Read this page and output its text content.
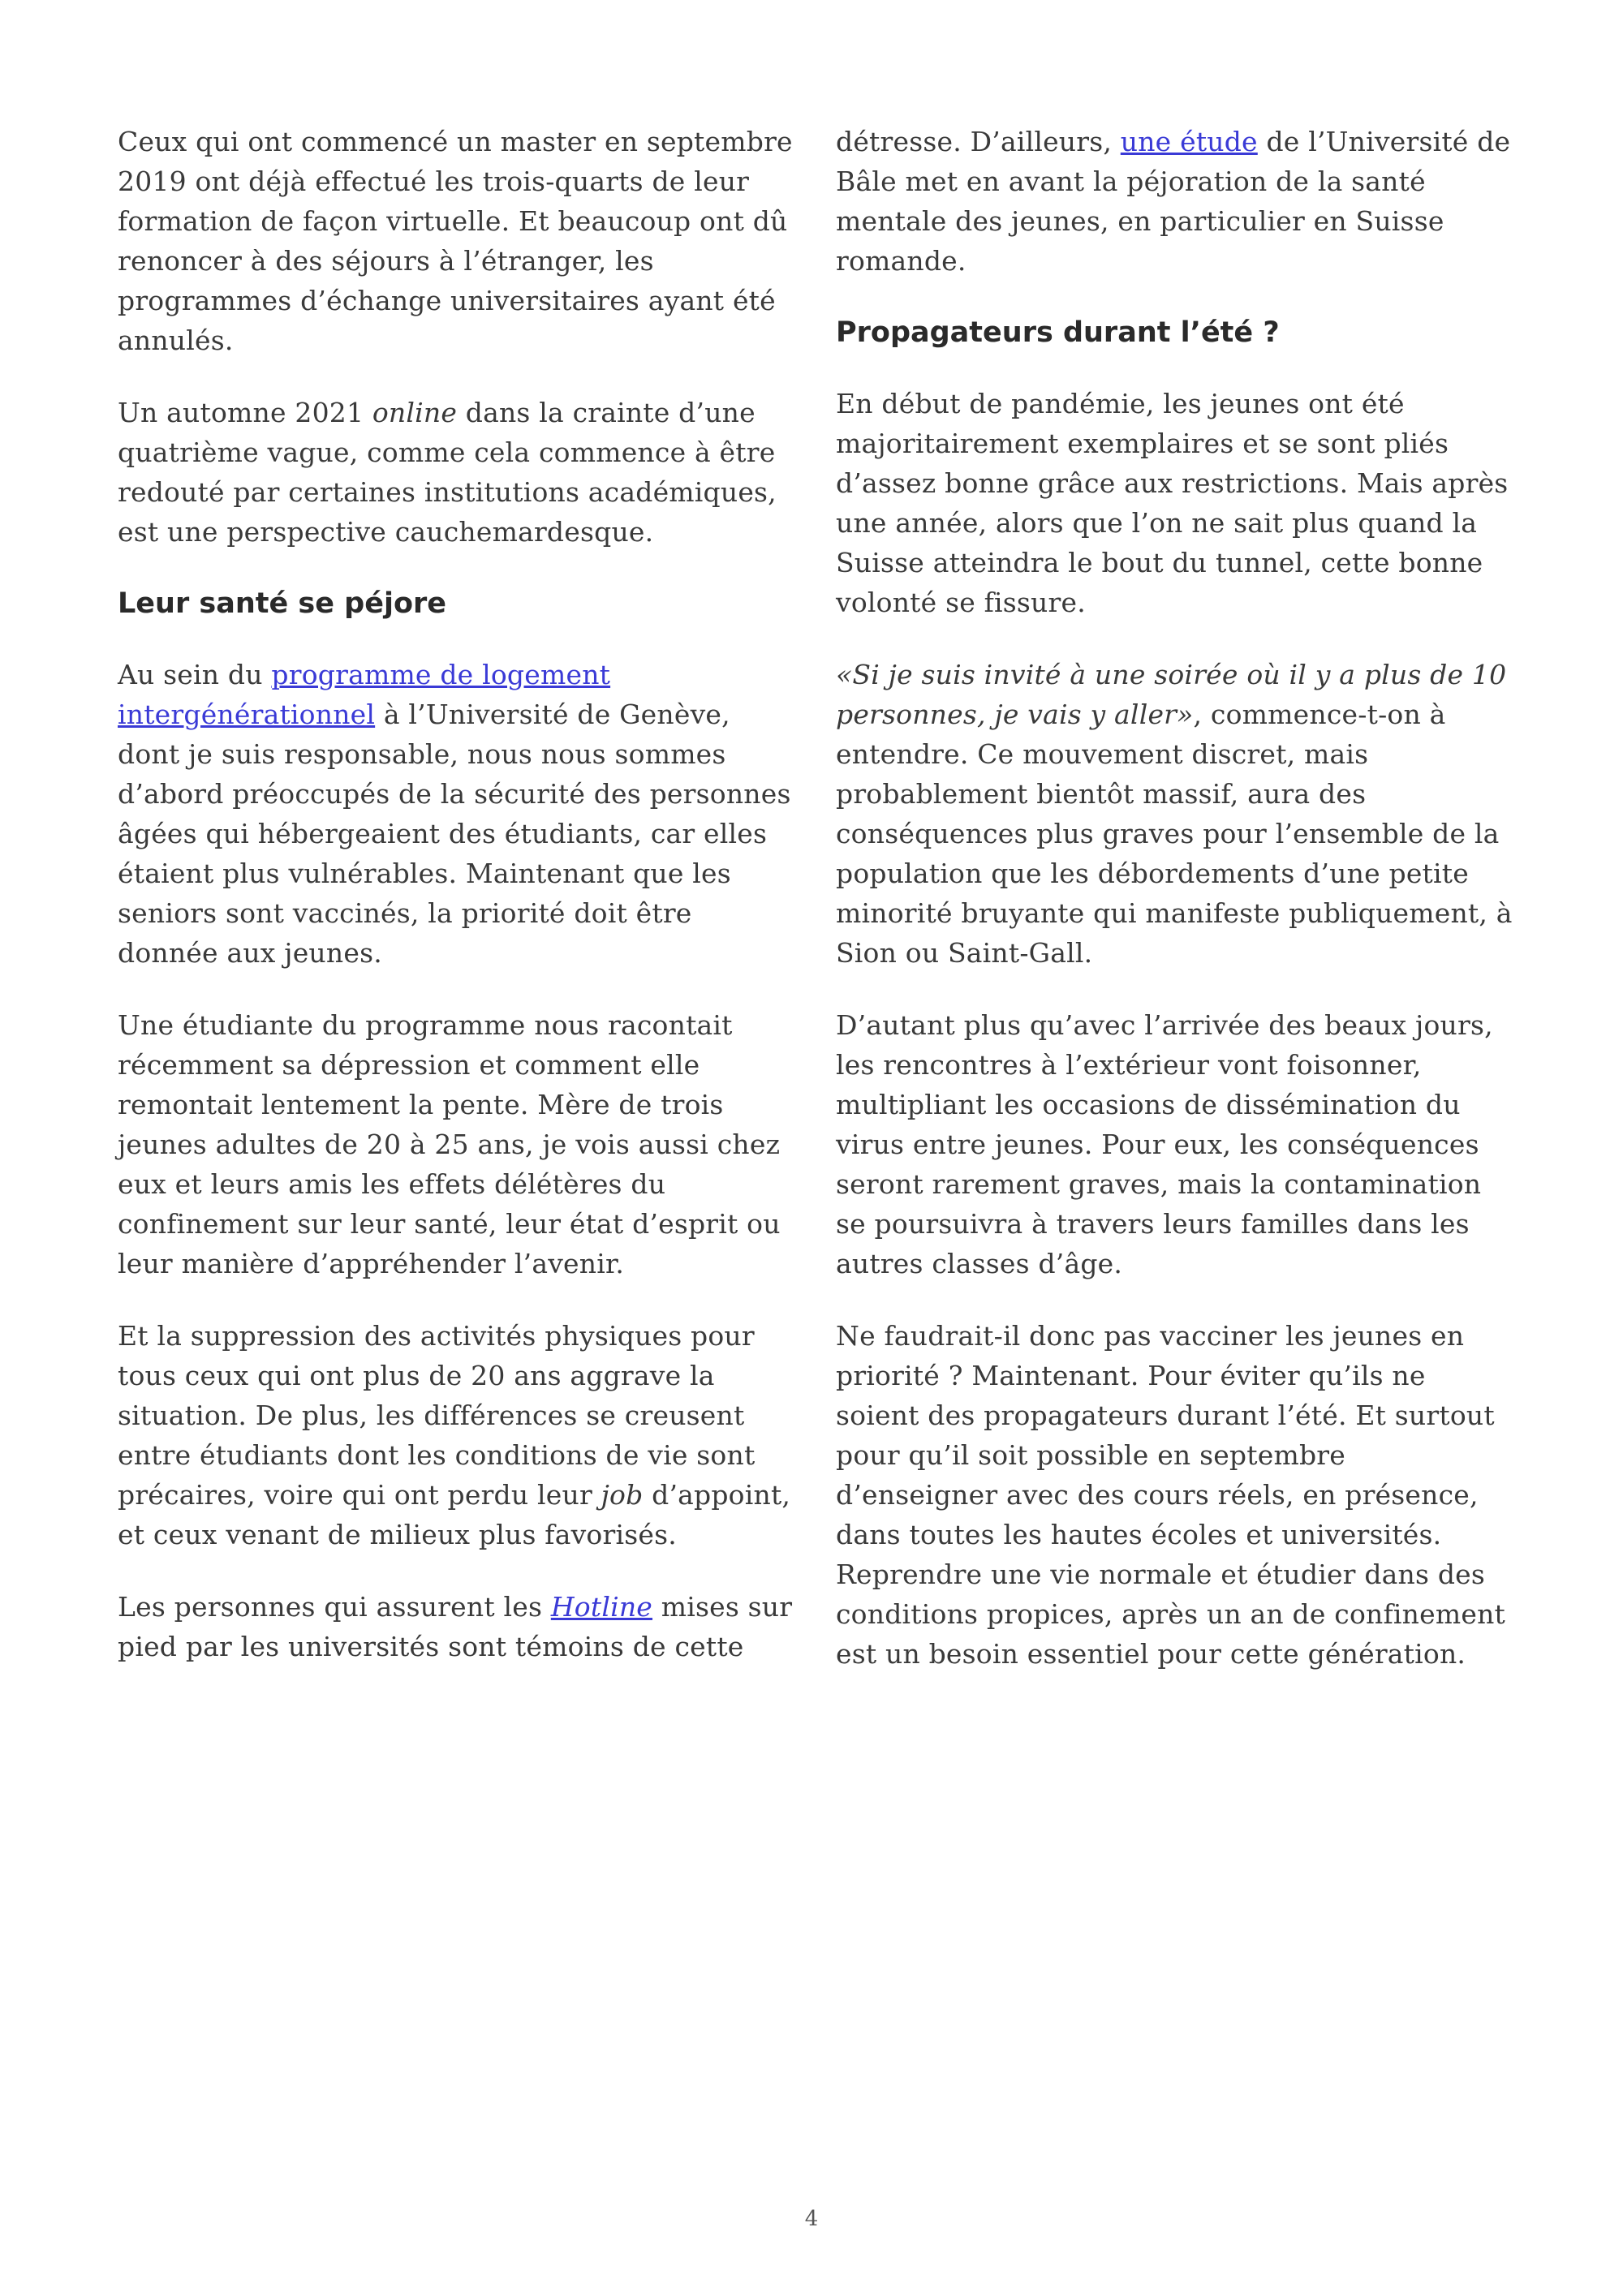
Ceux qui ont commencé un master en septembre 2019 ont déjà effectué les trois-quarts de leur formation de façon virtuelle. Et beaucoup ont dû renoncer à des séjours à l’étranger, les programmes d’échange universitaires ayant été annulés.

Un automne 2021 online dans la crainte d’une quatrième vague, comme cela commence à être redouté par certaines institutions académiques, est une perspective cauchemardesque.

Leur santé se péjore

Au sein du programme de logement intergénérationnel à l’Université de Genève, dont je suis responsable, nous nous sommes d’abord préoccupés de la sécurité des personnes âgées qui hébergeaient des étudiants, car elles étaient plus vulnérables. Maintenant que les seniors sont vaccinés, la priorité doit être donnée aux jeunes.

Une étudiante du programme nous racontait récemment sa dépression et comment elle remontait lentement la pente. Mère de trois jeunes adultes de 20 à 25 ans, je vois aussi chez eux et leurs amis les effets délétères du confinement sur leur santé, leur état d’esprit ou leur manière d’appréhender l’avenir.

Et la suppression des activités physiques pour tous ceux qui ont plus de 20 ans aggrave la situation. De plus, les différences se creusent entre étudiants dont les conditions de vie sont précaires, voire qui ont perdu leur job d’appoint, et ceux venant de milieux plus favorisés.

Les personnes qui assurent les Hotline mises sur pied par les universités sont témoins de cette

détresse. D’ailleurs, une étude de l’Université de Bâle met en avant la péjoration de la santé mentale des jeunes, en particulier en Suisse romande.

Propagateurs durant l’été ?

En début de pandémie, les jeunes ont été majoritairement exemplaires et se sont pliés d’assez bonne grâce aux restrictions. Mais après une année, alors que l’on ne sait plus quand la Suisse atteindra le bout du tunnel, cette bonne volonté se fissure.

«Si je suis invité à une soirée où il y a plus de 10 personnes, je vais y aller», commence-t-on à entendre. Ce mouvement discret, mais probablement bientôt massif, aura des conséquences plus graves pour l’ensemble de la population que les débordements d’une petite minorité bruyante qui manifeste publiquement, à Sion ou Saint-Gall.

D’autant plus qu’avec l’arrivée des beaux jours, les rencontres à l’extérieur vont foisonner, multipliant les occasions de dissémination du virus entre jeunes. Pour eux, les conséquences seront rarement graves, mais la contamination se poursuivra à travers leurs familles dans les autres classes d’âge.

Ne faudrait-il donc pas vacciner les jeunes en priorité ? Maintenant. Pour éviter qu’ils ne soient des propagateurs durant l’été. Et surtout pour qu’il soit possible en septembre d’enseigner avec des cours réels, en présence, dans toutes les hautes écoles et universités. Reprendre une vie normale et étudier dans des conditions propices, après un an de confinement est un besoin essentiel pour cette génération.

4
